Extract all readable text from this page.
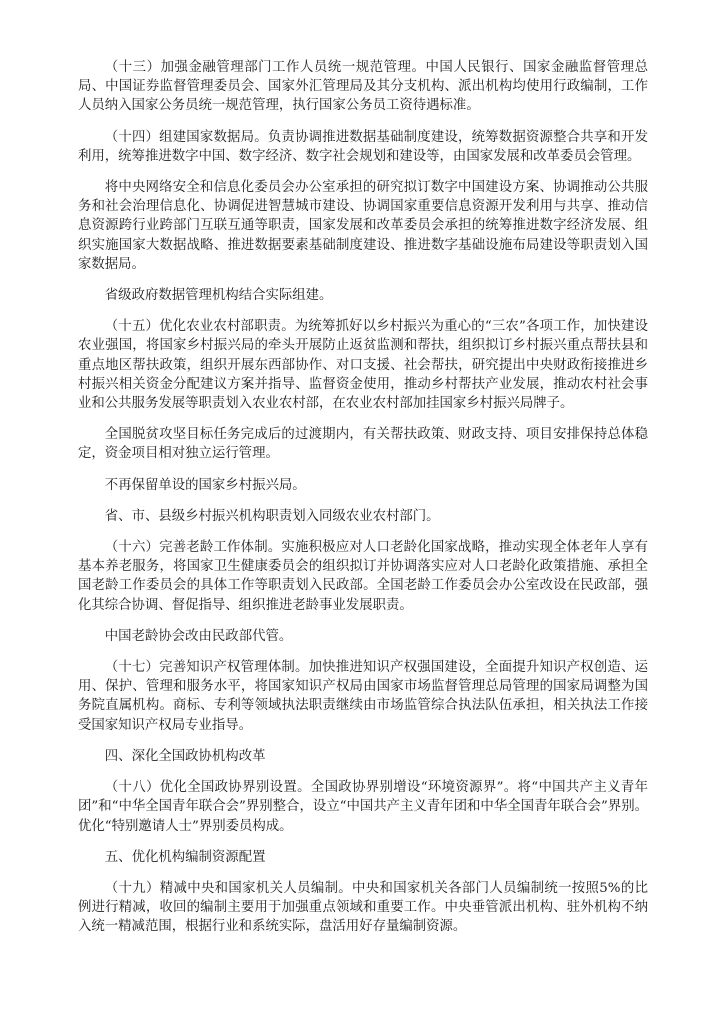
（十三）加强金融管理部门工作人员统一规范管理。中国人民银行、国家金融监督管理总局、中国证券监督管理委员会、国家外汇管理局及其分支机构、派出机构均使用行政编制，工作人员纳入国家公务员统一规范管理，执行国家公务员工资待遇标准。

（十四）组建国家数据局。负责协调推进数据基础制度建设，统筹数据资源整合共享和开发利用，统筹推进数字中国、数字经济、数字社会规划和建设等，由国家发展和改革委员会管理。

将中央网络安全和信息化委员会办公室承担的研究拟订数字中国建设方案、协调推动公共服务和社会治理信息化、协调促进智慧城市建设、协调国家重要信息资源开发利用与共享、推动信息资源跨行业跨部门互联互通等职责，国家发展和改革委员会承担的统筹推进数字经济发展、组织实施国家大数据战略、推进数据要素基础制度建设、推进数字基础设施布局建设等职责划入国家数据局。

省级政府数据管理机构结合实际组建。

（十五）优化农业农村部职责。为统筹抓好以乡村振兴为重心的“三农”各项工作，加快建设农业强国，将国家乡村振兴局的牵头开展防止返贫监测和帮扶，组织拟订乡村振兴重点帮扶县和重点地区帮扶政策，组织开展东西部协作、对口支援、社会帮扶，研究提出中央财政衔接推进乡村振兴相关资金分配建议方案并指导、监督资金使用，推动乡村帮扶产业发展，推动农村社会事业和公共服务发展等职责划入农业农村部，在农业农村部加挂国家乡村振兴局牌子。

全国脱贫攻坚目标任务完成后的过渡期内，有关帮扶政策、财政支持、项目安排保持总体稳定，资金项目相对独立运行管理。

不再保留单设的国家乡村振兴局。

省、市、县级乡村振兴机构职责划入同级农业农村部门。

（十六）完善老龄工作体制。实施积极应对人口老龄化国家战略，推动实现全体老年人享有基本养老服务，将国家卫生健康委员会的组织拟订并协调落实应对人口老龄化政策措施、承担全国老龄工作委员会的具体工作等职责划入民政部。全国老龄工作委员会办公室改设在民政部，强化其综合协调、督促指导、组织推进老龄事业发展职责。

中国老龄协会改由民政部代管。

（十七）完善知识产权管理体制。加快推进知识产权强国建设，全面提升知识产权创造、运用、保护、管理和服务水平，将国家知识产权局由国家市场监督管理总局管理的国家局调整为国务院直属机构。商标、专利等领域执法职责继续由市场监管综合执法队伍承担，相关执法工作接受国家知识产权局专业指导。

四、深化全国政协机构改革

（十八）优化全国政协界别设置。全国政协界别增设“环境资源界”。将“中国共产主义青年团”和“中华全国青年联合会”界别整合，设立“中国共产主义青年团和中华全国青年联合会”界别。优化“特别邀请人士”界别委员构成。

五、优化机构编制资源配置

（十九）精减中央和国家机关人员编制。中央和国家机关各部门人员编制统一按照5%的比例进行精减，收回的编制主要用于加强重点领域和重要工作。中央垂管派出机构、驻外机构不纳入统一精减范围，根据行业和系统实际，盘活用好存量编制资源。
